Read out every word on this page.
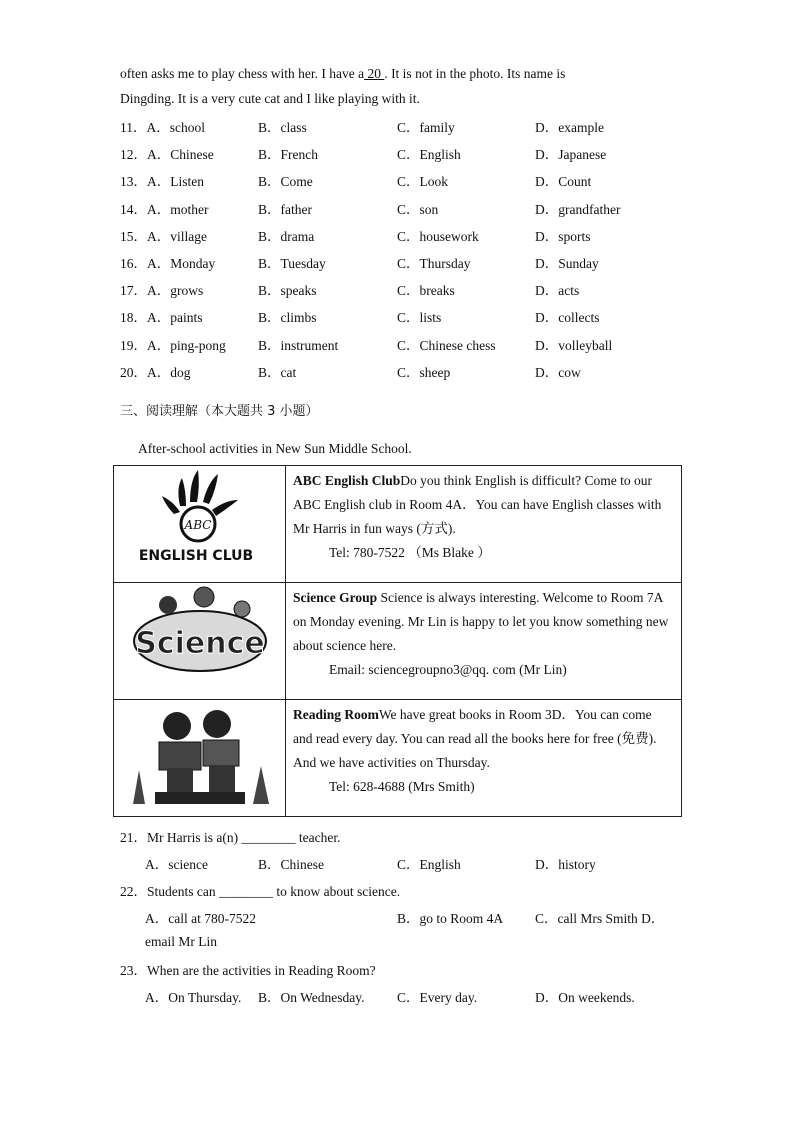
often asks me to play chess with her. I have a 20 . It is not in the photo. Its name is
Dingding. It is a very cute cat and I like playing with it.
11．A．school	B．class	C．family	D．example
12．A．Chinese	B．French	C．English	D．Japanese
13．A．Listen	B．Come	C．Look	D．Count
14．A．mother	B．father	C．son	D．grandfather
15．A．village	B．drama	C．housework	D．sports
16．A．Monday	B．Tuesday	C．Thursday	D．Sunday
17．A．grows	B．speaks	C．breaks	D．acts
18．A．paints	B．climbs	C．lists	D．collects
19．A．ping-pong B．instrument	C．Chinese chess	D．volleyball
20．A．dog	B．cat	C．sheep	D．cow
三、阅读理解（本大题共 3 小题）
After-school activities in New Sun Middle School.
ABC
ENGLISH CLUB	ABC English ClubDo you think English is difficult? Come to our ABC English club in Room 4A．You can have English classes with Mr Harris in fun ways (方式).

Tel: 780-7522 （Ms Blake ）

Science	Science Group Science is always interesting. Welcome to Room 7A on Monday evening. Mr Lin is happy to let you know something new about science here.

Email: sciencegroupno3@qq. com (Mr Lin)

	Reading RoomWe have great books in Room 3D．You can come and read every day. You can read all the books here for free (免费). And we have activities on Thursday.

Tel: 628-4688 (Mrs Smith)
21．Mr Harris is a(n) ________ teacher.
A．science	B．Chinese	C．English	D．history
22．Students can ________ to know about science.
A．call at 780-7522	B．go to Room 4A C．call Mrs Smith D．
email Mr Lin
23．When are the activities in Reading Room?
A．On Thursday. B．On Wednesday. C．Every day.	D．On weekends.
